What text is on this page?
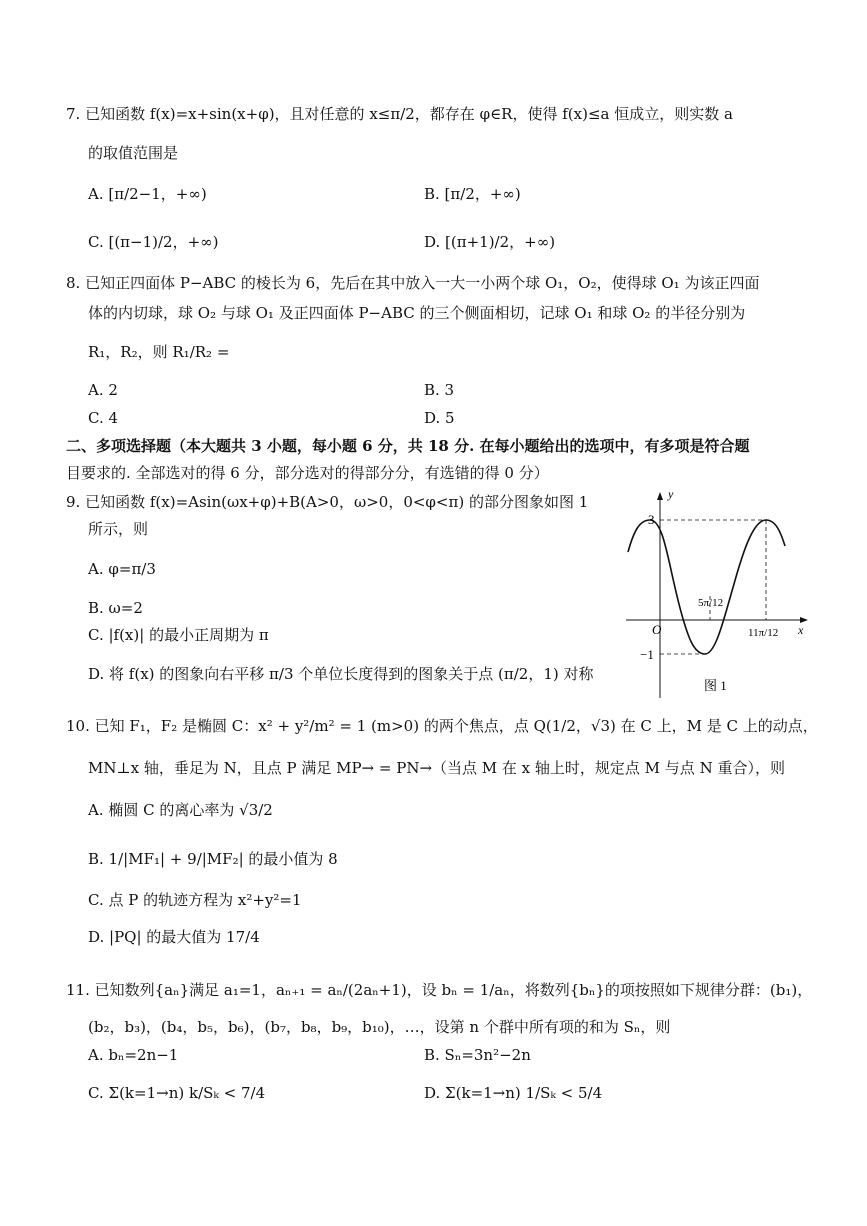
7. 已知函数 f(x)=x+sin(x+φ)，且对任意的 x≤π/2，都存在 φ∈R，使得 f(x)≤a 恒成立，则实数 a
的取值范围是
A. [π/2−1，+∞)	B. [π/2，+∞)
C. [(π−1)/2，+∞)	D. [(π+1)/2，+∞)
8. 已知正四面体 P−ABC 的棱长为 6，先后在其中放入一大一小两个球 O₁，O₂，使得球 O₁ 为该正四面
体的内切球，球 O₂ 与球 O₁ 及正四面体 P−ABC 的三个侧面相切，记球 O₁ 和球 O₂ 的半径分别为
R₁，R₂，则 R₁/R₂ =
A. 2	B. 3
C. 4	D. 5
二、多项选择题（本大题共 3 小题，每小题 6 分，共 18 分. 在每小题给出的选项中，有多项是符合题
目要求的. 全部选对的得 6 分，部分选对的得部分分，有选错的得 0 分）
9. 已知函数 f(x)=Asin(ωx+φ)+B(A>0，ω>0，0<φ<π) 的部分图象如图 1
所示，则
A. φ=π/3
B. ω=2
C. |f(x)| 的最小正周期为 π
D. 将 f(x) 的图象向右平移 π/3 个单位长度得到的图象关于点 (π/2，1) 对称
y
x
O
3
−1
5π/12
11π/12
图 1
10. 已知 F₁，F₂ 是椭圆 C：x² + y²/m² = 1 (m>0) 的两个焦点，点 Q(1/2，√3) 在 C 上，M 是 C 上的动点，
MN⊥x 轴，垂足为 N，且点 P 满足 MP→ = PN→（当点 M 在 x 轴上时，规定点 M 与点 N 重合），则
A. 椭圆 C 的离心率为 √3/2
B. 1/|MF₁| + 9/|MF₂| 的最小值为 8
C. 点 P 的轨迹方程为 x²+y²=1
D. |PQ| 的最大值为 17/4
11. 已知数列{aₙ}满足 a₁=1，aₙ₊₁ = aₙ/(2aₙ+1)，设 bₙ = 1/aₙ，将数列{bₙ}的项按照如下规律分群：(b₁)，
(b₂，b₃)，(b₄，b₅，b₆)，(b₇，b₈，b₉，b₁₀)，…，设第 n 个群中所有项的和为 Sₙ，则
A. bₙ=2n−1	B. Sₙ=3n²−2n
C. Σ(k=1→n) k/Sₖ < 7/4	D. Σ(k=1→n) 1/Sₖ < 5/4
